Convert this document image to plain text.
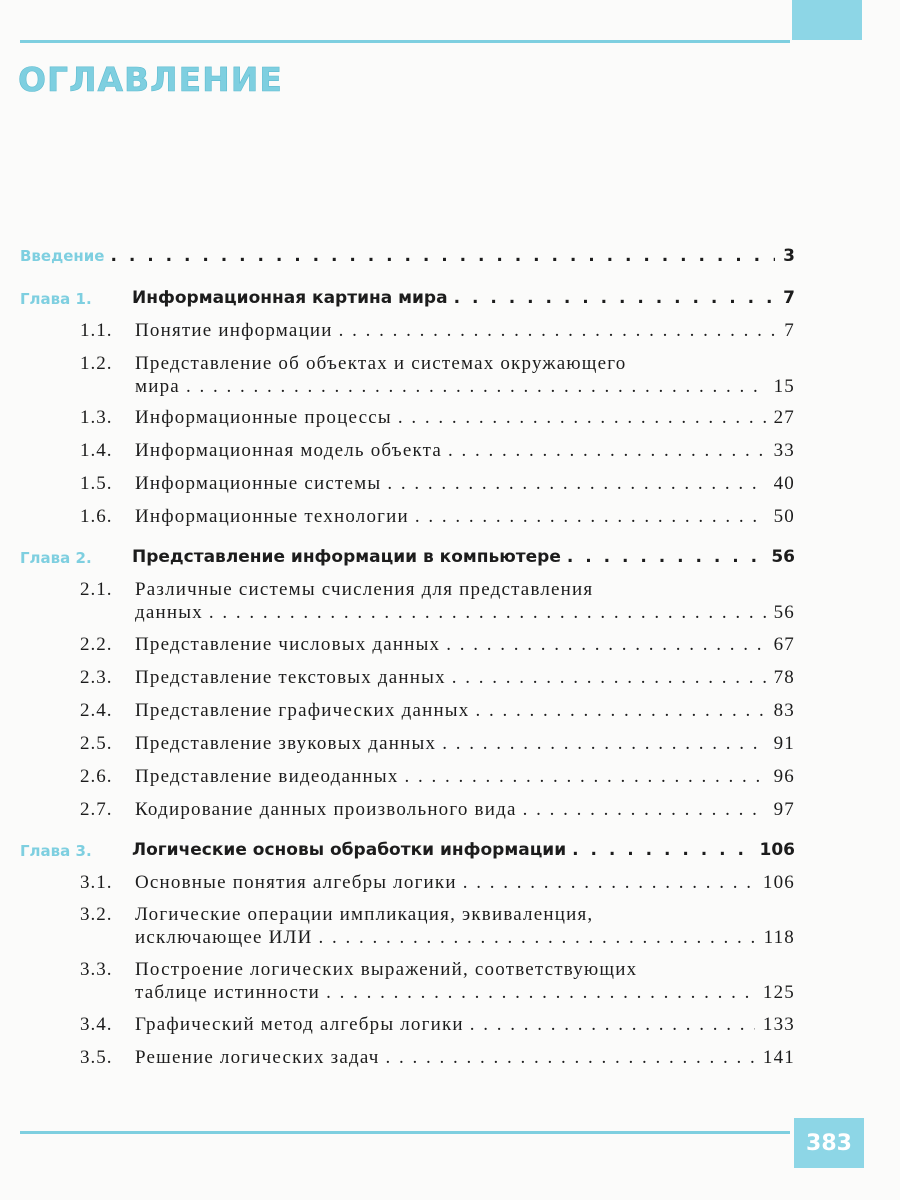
ОГЛАВЛЕНИЕ
Введение . . .	3
Глава 1. Информационная картина мира . . .	7
1.1. Понятие информации . . .	7
1.2. Представление об объектах и системах окружающего
мира . . .	15
1.3. Информационные процессы . . .	27
1.4. Информационная модель объекта . . .	33
1.5. Информационные системы . . .	40
1.6. Информационные технологии . . .	50
Глава 2. Представление информации в компьютере . . .	56
2.1. Различные системы счисления для представления
данных . . .	56
2.2. Представление числовых данных . . .	67
2.3. Представление текстовых данных . . .	78
2.4. Представление графических данных . . .	83
2.5. Представление звуковых данных . . .	91
2.6. Представление видеоданных . . .	96
2.7. Кодирование данных произвольного вида . . .	97
Глава 3. Логические основы обработки информации . . .	106
3.1. Основные понятия алгебры логики . . .	106
3.2. Логические операции импликация, эквиваленция,
исключающее ИЛИ . . .	118
3.3. Построение логических выражений, соответствующих
таблице истинности . . .	125
3.4. Графический метод алгебры логики . . .	133
3.5. Решение логических задач . . .	141
383
